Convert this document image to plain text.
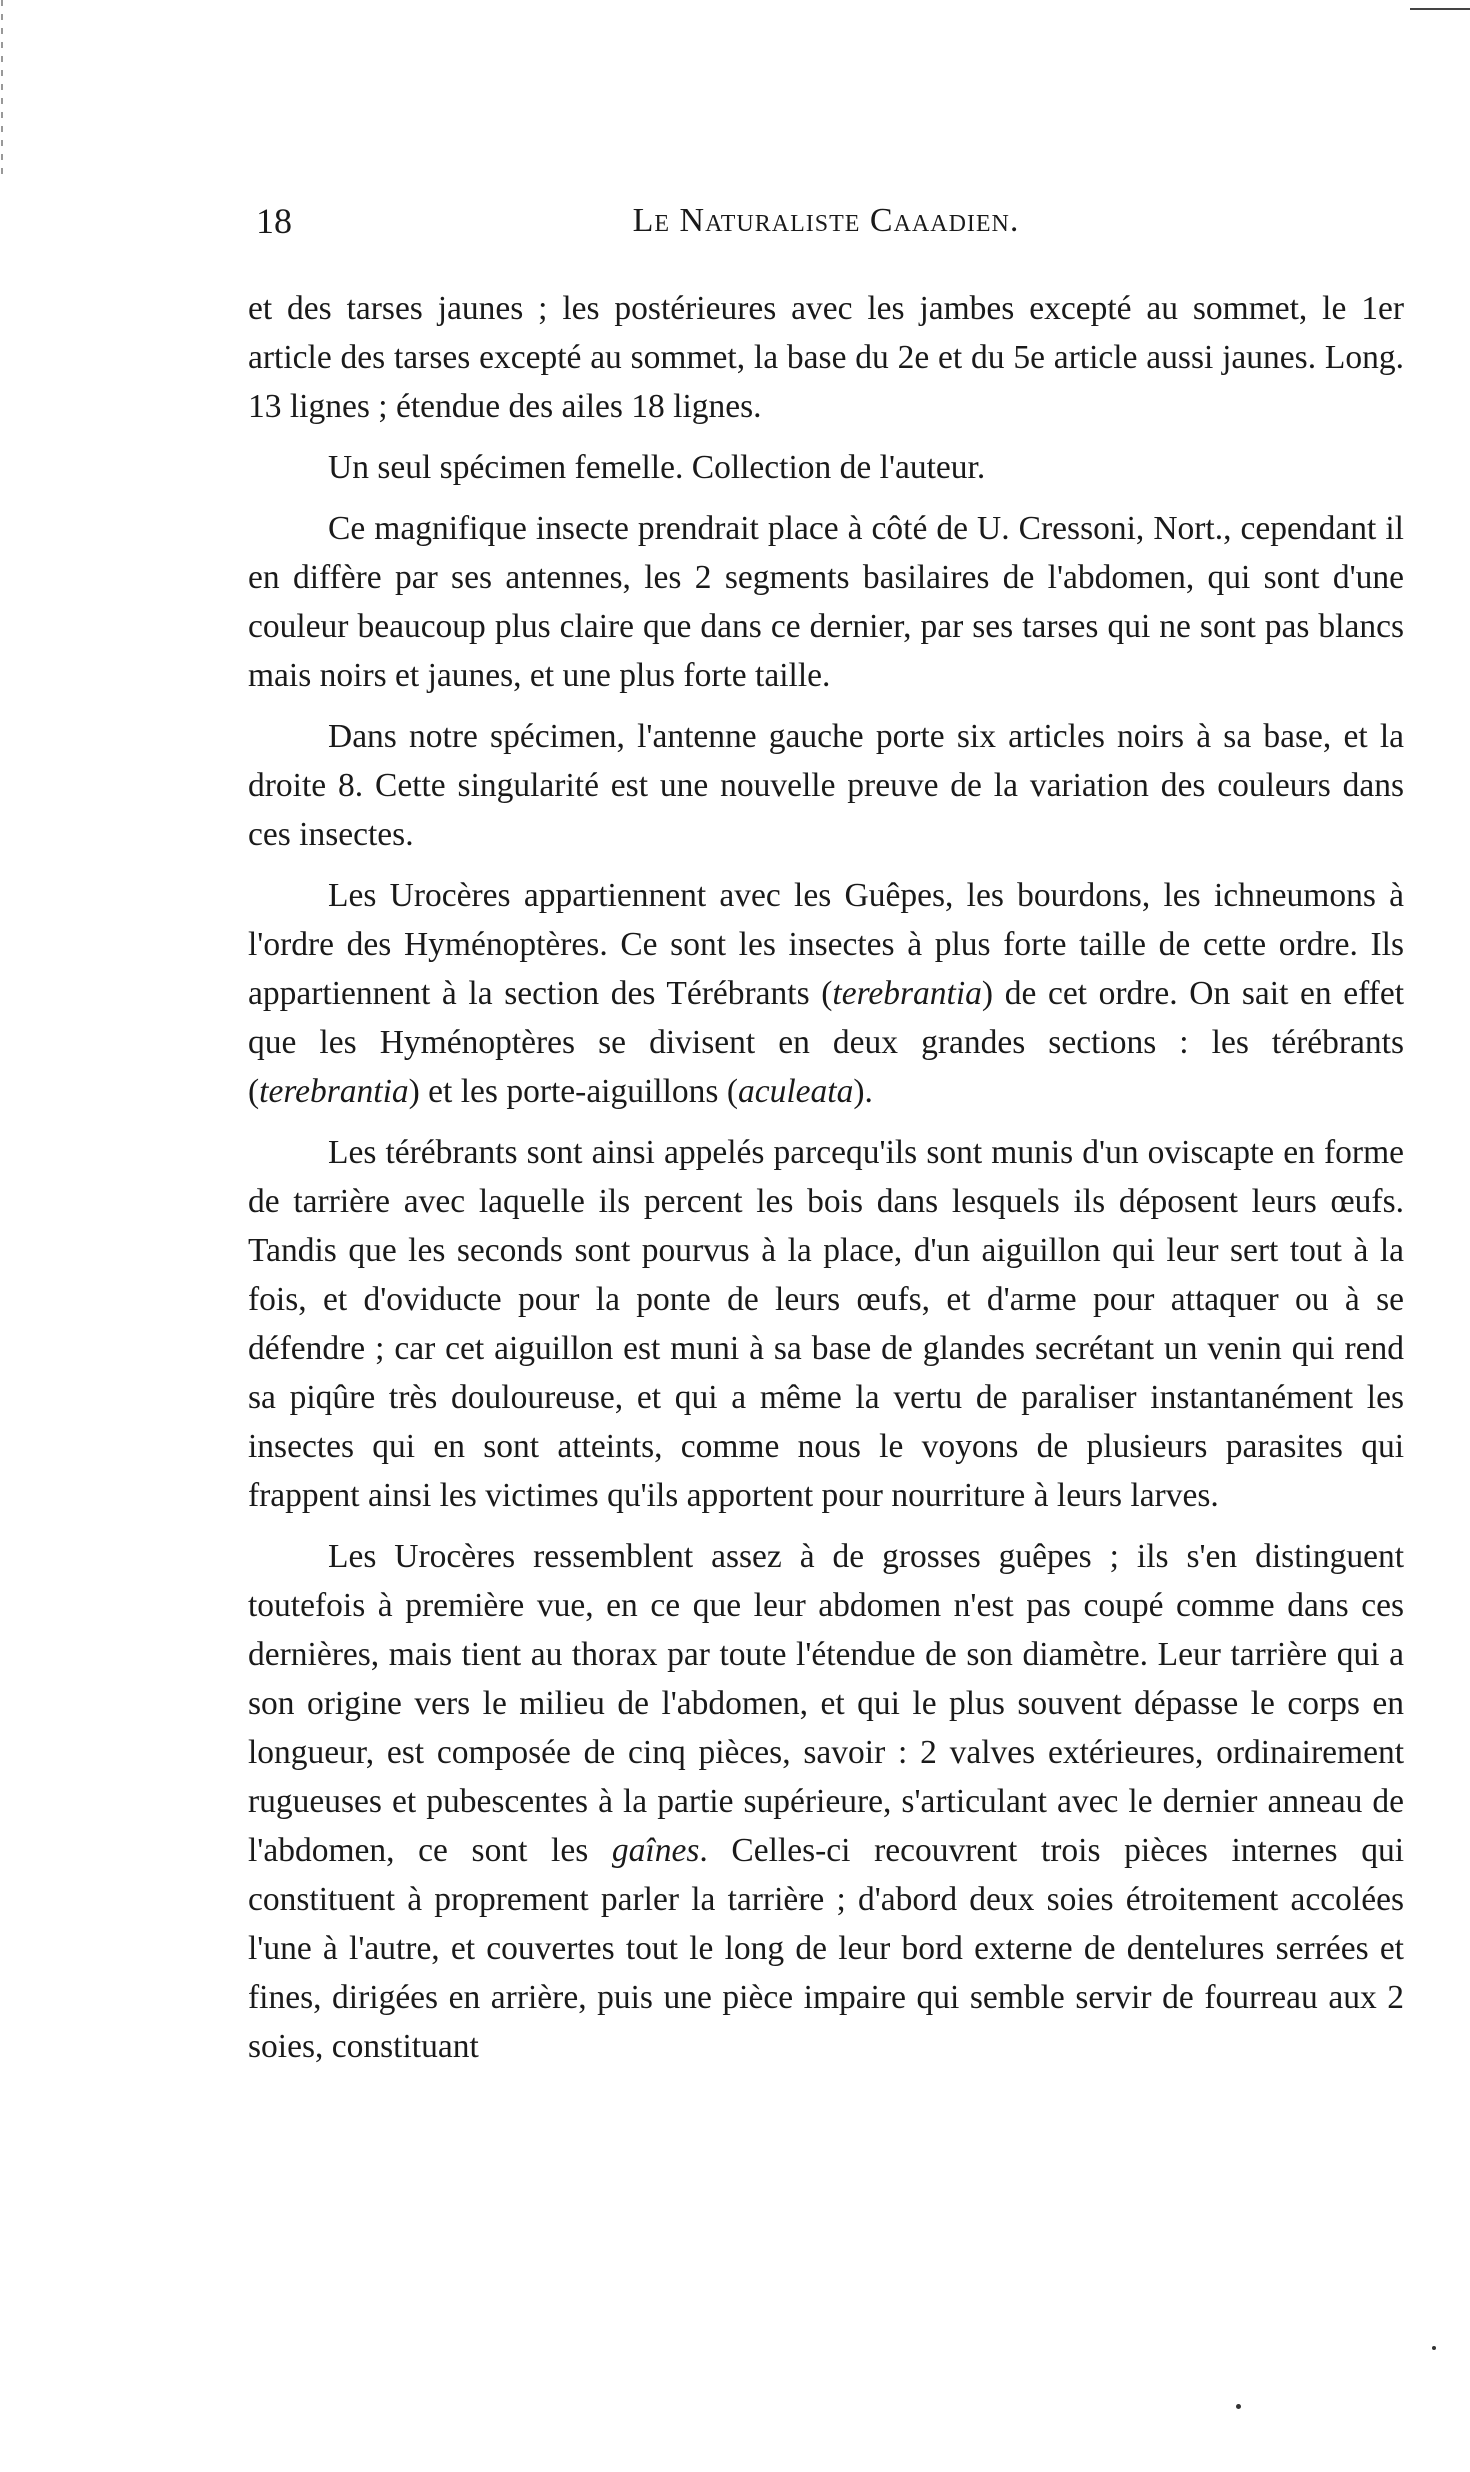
18	Le Naturaliste Caaadien.

et des tarses jaunes ; les postérieures avec les jambes excepté au sommet, le 1er article des tarses excepté au sommet, la base du 2e et du 5e article aussi jaunes. Long. 13 lignes ; étendue des ailes 18 lignes.

Un seul spécimen femelle. Collection de l'auteur.

Ce magnifique insecte prendrait place à côté de U. Cressoni, Nort., cependant il en diffère par ses antennes, les 2 segments basilaires de l'abdomen, qui sont d'une couleur beaucoup plus claire que dans ce dernier, par ses tarses qui ne sont pas blancs mais noirs et jaunes, et une plus forte taille.

Dans notre spécimen, l'antenne gauche porte six articles noirs à sa base, et la droite 8. Cette singularité est une nouvelle preuve de la variation des couleurs dans ces insectes.

Les Urocères appartiennent avec les Guêpes, les bourdons, les ichneumons à l'ordre des Hyménoptères. Ce sont les insectes à plus forte taille de cette ordre. Ils appartiennent à la section des Térébrants (terebrantia) de cet ordre. On sait en effet que les Hyménoptères se divisent en deux grandes sections : les térébrants (terebrantia) et les porte-aiguillons (aculeata).

Les térébrants sont ainsi appelés parcequ'ils sont munis d'un oviscapte en forme de tarrière avec laquelle ils percent les bois dans lesquels ils déposent leurs œufs. Tandis que les seconds sont pourvus à la place, d'un aiguillon qui leur sert tout à la fois, et d'oviducte pour la ponte de leurs œufs, et d'arme pour attaquer ou à se défendre ; car cet aiguillon est muni à sa base de glandes secrétant un venin qui rend sa piqûre très douloureuse, et qui a même la vertu de paraliser instantanément les insectes qui en sont atteints, comme nous le voyons de plusieurs parasites qui frappent ainsi les victimes qu'ils apportent pour nourriture à leurs larves.

Les Urocères ressemblent assez à de grosses guêpes ; ils s'en distinguent toutefois à première vue, en ce que leur abdomen n'est pas coupé comme dans ces dernières, mais tient au thorax par toute l'étendue de son diamètre. Leur tarrière qui a son origine vers le milieu de l'abdomen, et qui le plus souvent dépasse le corps en longueur, est composée de cinq pièces, savoir : 2 valves extérieures, ordinairement rugueuses et pubescentes à la partie supérieure, s'articulant avec le dernier anneau de l'abdomen, ce sont les gaînes. Celles-ci recouvrent trois pièces internes qui constituent à proprement parler la tarrière ; d'abord deux soies étroitement accolées l'une à l'autre, et couvertes tout le long de leur bord externe de dentelures serrées et fines, dirigées en arrière, puis une pièce impaire qui semble servir de fourreau aux 2 soies, constituant
